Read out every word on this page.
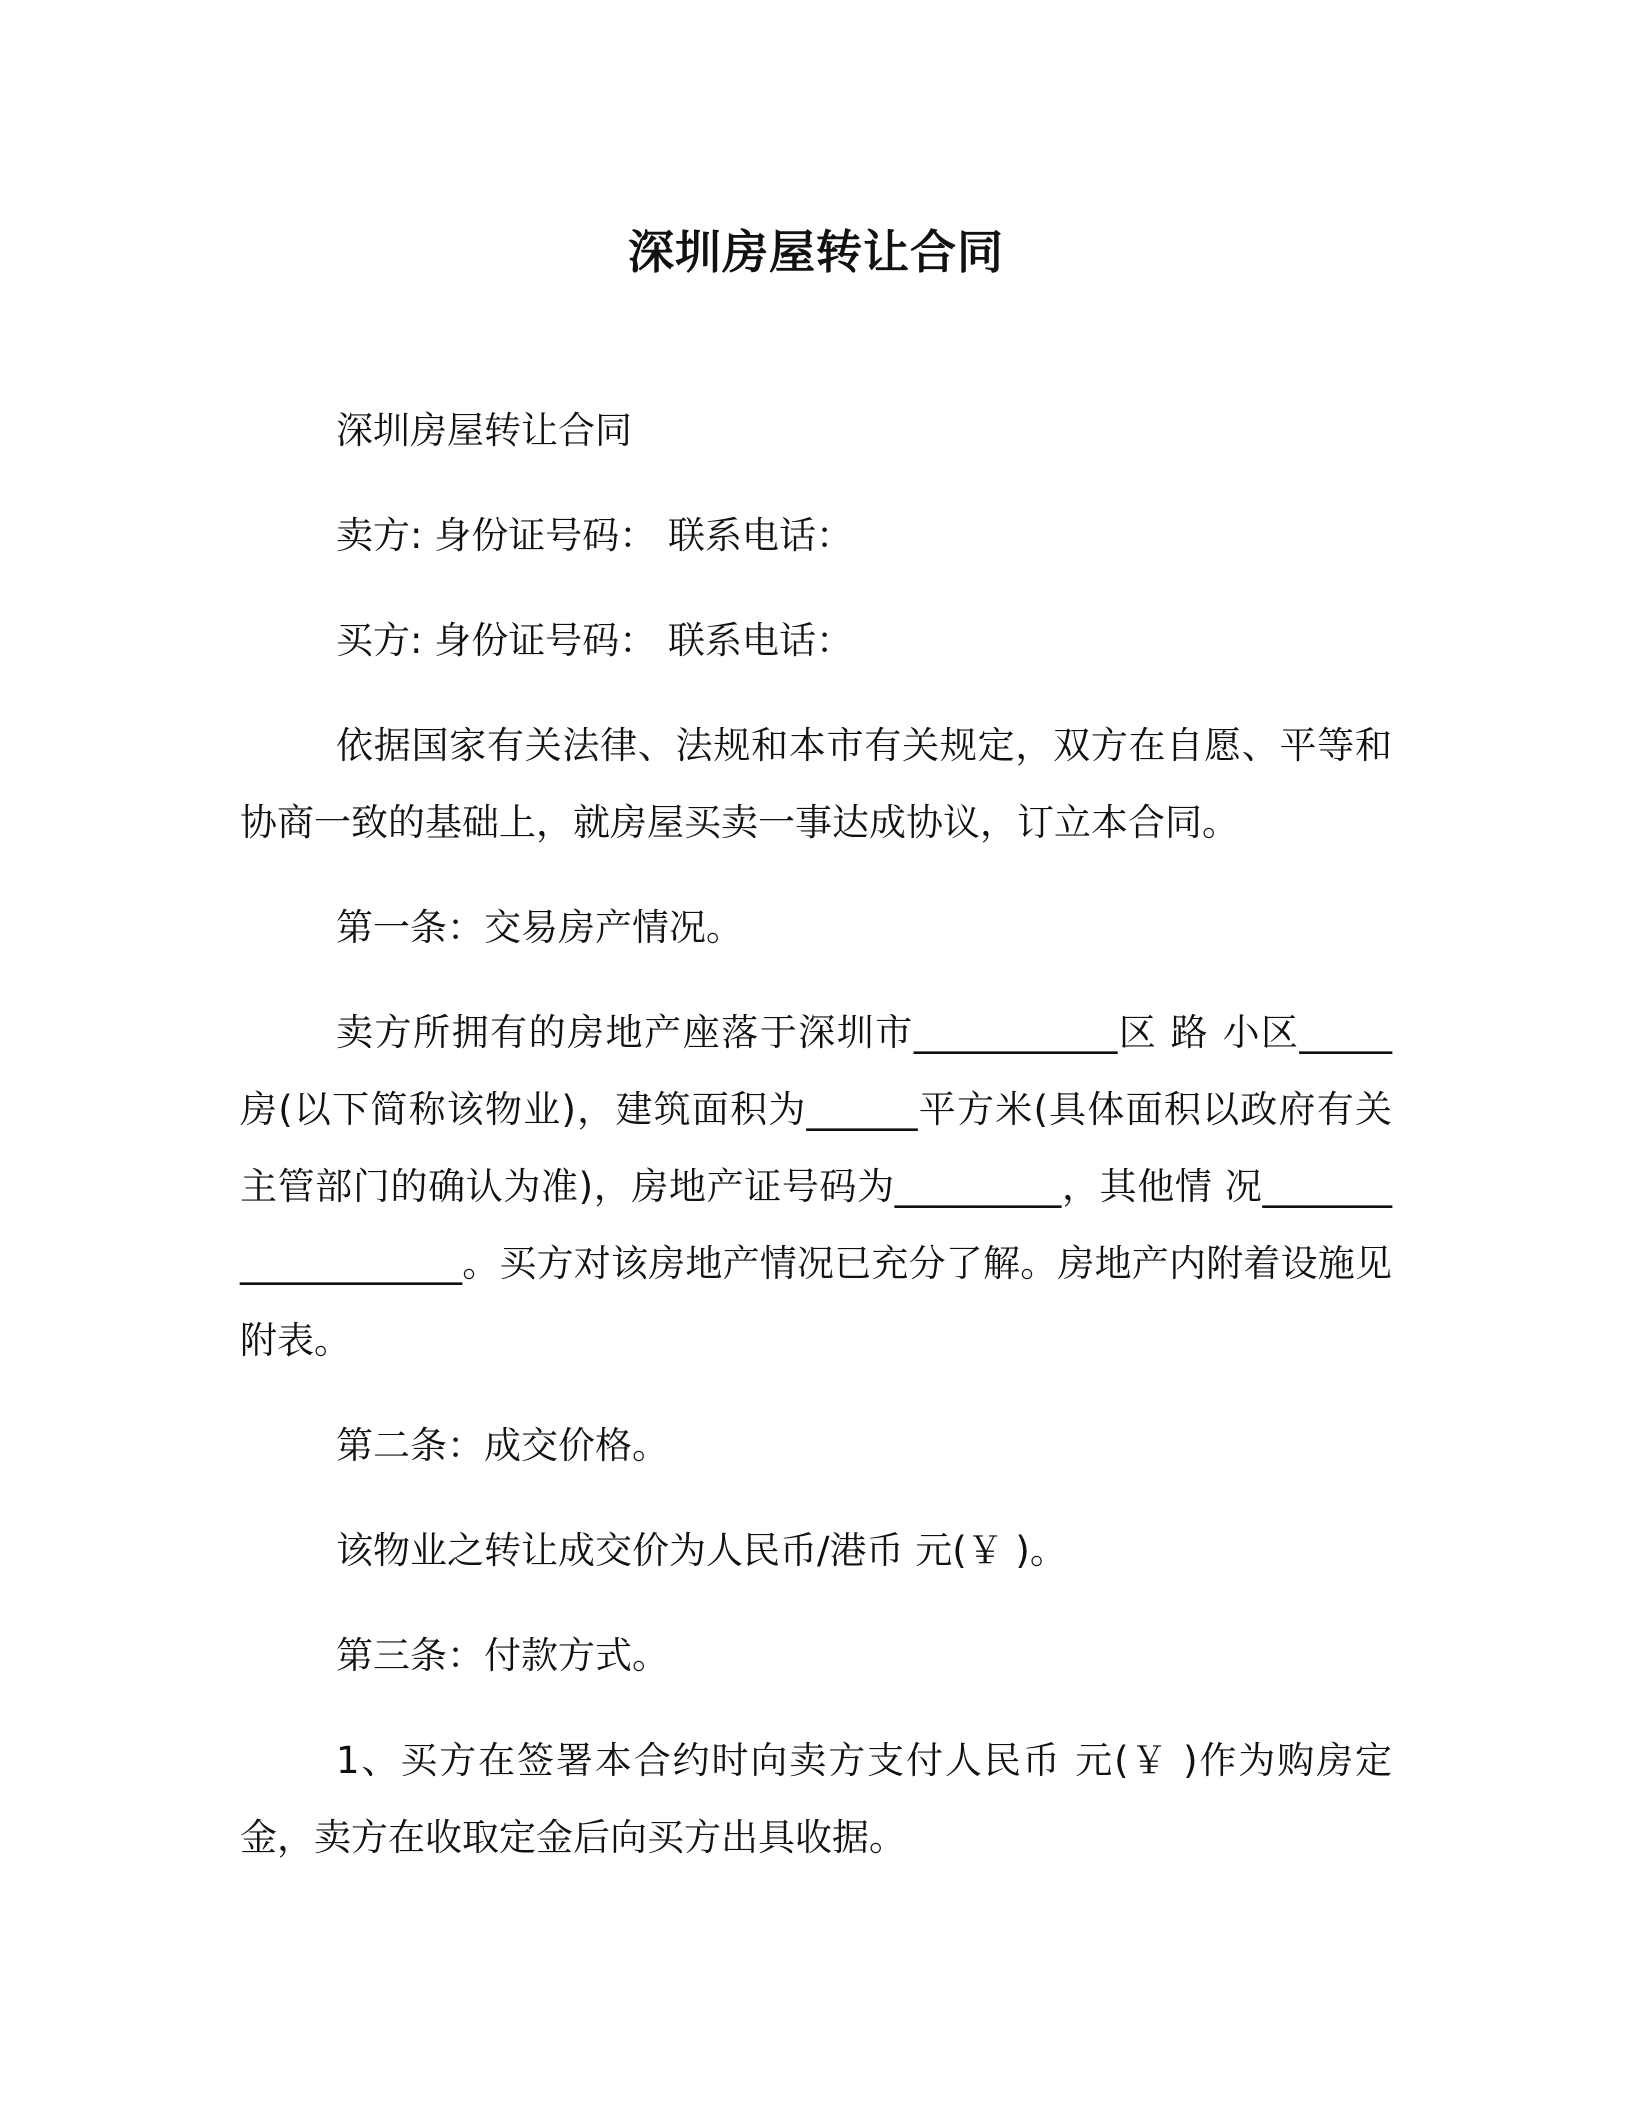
深圳房屋转让合同

深圳房屋转让合同

卖方: 身份证号码： 联系电话：

买方: 身份证号码： 联系电话：

依据国家有关法律、法规和本市有关规定，双方在自愿、平等和协商一致的基础上，就房屋买卖一事达成协议，订立本合同。

第一条：交易房产情况。

卖方所拥有的房地产座落于深圳市___________区 路 小区_____房(以下简称该物业)，建筑面积为______平方米(具体面积以政府有关主管部门的确认为准)，房地产证号码为_________，其他情 况___________________。买方对该房地产情况已充分了解。房地产内附着设施见附表。

第二条：成交价格。

该物业之转让成交价为人民币/港币 元(￥ )。

第三条：付款方式。

1、买方在签署本合约时向卖方支付人民币 元(￥ )作为购房定金，卖方在收取定金后向买方出具收据。
